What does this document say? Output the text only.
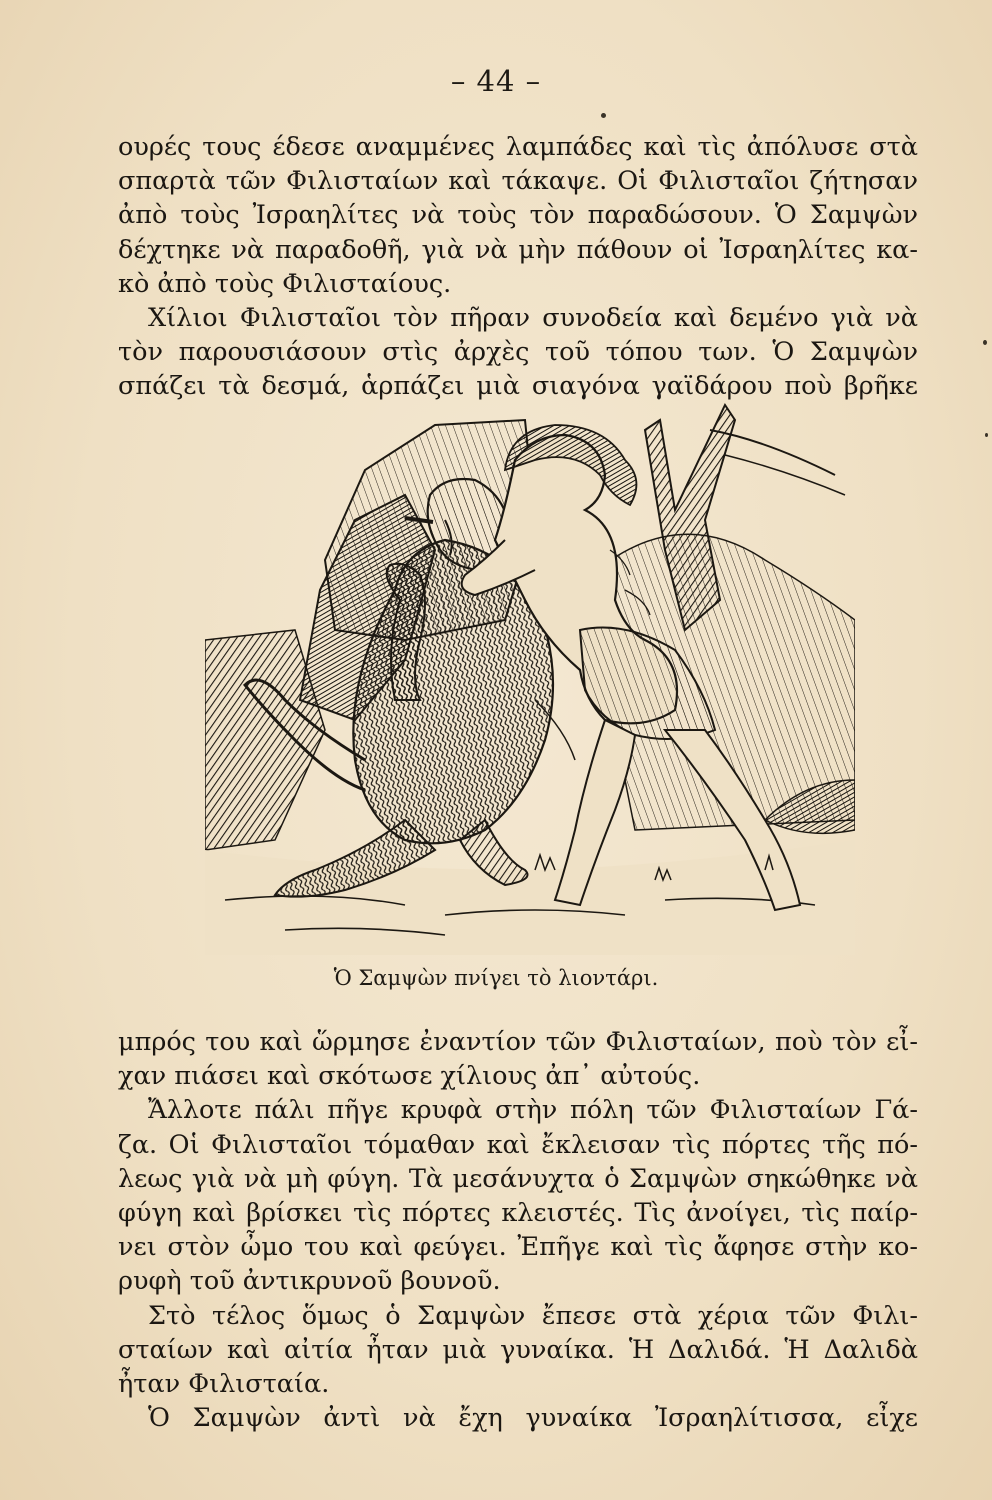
– 44 –
ουρές τους έδεσε αναμμένες λαμπάδες καὶ τὶς ἀπόλυσε στὰ
σπαρτὰ τῶν Φιλισταίων καὶ τάκαψε. Οἱ Φιλισταῖοι ζήτησαν
ἀπὸ τοὺς Ἰσραηλίτες νὰ τοὺς τὸν παραδώσουν. Ὁ Σαμψὼν
δέχτηκε νὰ παραδοθῆ, γιὰ νὰ μὴν πάθουν οἱ Ἰσραηλίτες κα-
κὸ ἀπὸ τοὺς Φιλισταίους.
Χίλιοι Φιλισταῖοι τὸν πῆραν συνοδεία καὶ δεμένο γιὰ νὰ
τὸν παρουσιάσουν στὶς ἀρχὲς τοῦ τόπου των. Ὁ Σαμψὼν
σπάζει τὰ δεσμά, ἁρπάζει μιὰ σιαγόνα γαϊδάρου ποὺ βρῆκε
Ὁ Σαμψὼν πνίγει τὸ λιοντάρι.
μπρός του καὶ ὥρμησε ἐναντίον τῶν Φιλισταίων, ποὺ τὸν εἶ-
χαν πιάσει καὶ σκότωσε χίλιους ἀπ᾽ αὐτούς.
Ἄλλοτε πάλι πῆγε κρυφὰ στὴν πόλη τῶν Φιλισταίων Γά-
ζα. Οἱ Φιλισταῖοι τόμαθαν καὶ ἔκλεισαν τὶς πόρτες τῆς πό-
λεως γιὰ νὰ μὴ φύγη. Τὰ μεσάνυχτα ὁ Σαμψὼν σηκώθηκε νὰ
φύγη καὶ βρίσκει τὶς πόρτες κλειστές. Τὶς ἀνοίγει, τὶς παίρ-
νει στὸν ὦμο του καὶ φεύγει. Ἐπῆγε καὶ τὶς ἄφησε στὴν κο-
ρυφὴ τοῦ ἀντικρυνοῦ βουνοῦ.
Στὸ τέλος ὅμως ὁ Σαμψὼν ἔπεσε στὰ χέρια τῶν Φιλι-
σταίων καὶ αἰτία ἦταν μιὰ γυναίκα. Ἡ Δαλιδά. Ἡ Δαλιδὰ
ἦταν Φιλισταία.
Ὁ Σαμψὼν ἀντὶ νὰ ἔχη γυναίκα Ἰσραηλίτισσα, εἶχε
